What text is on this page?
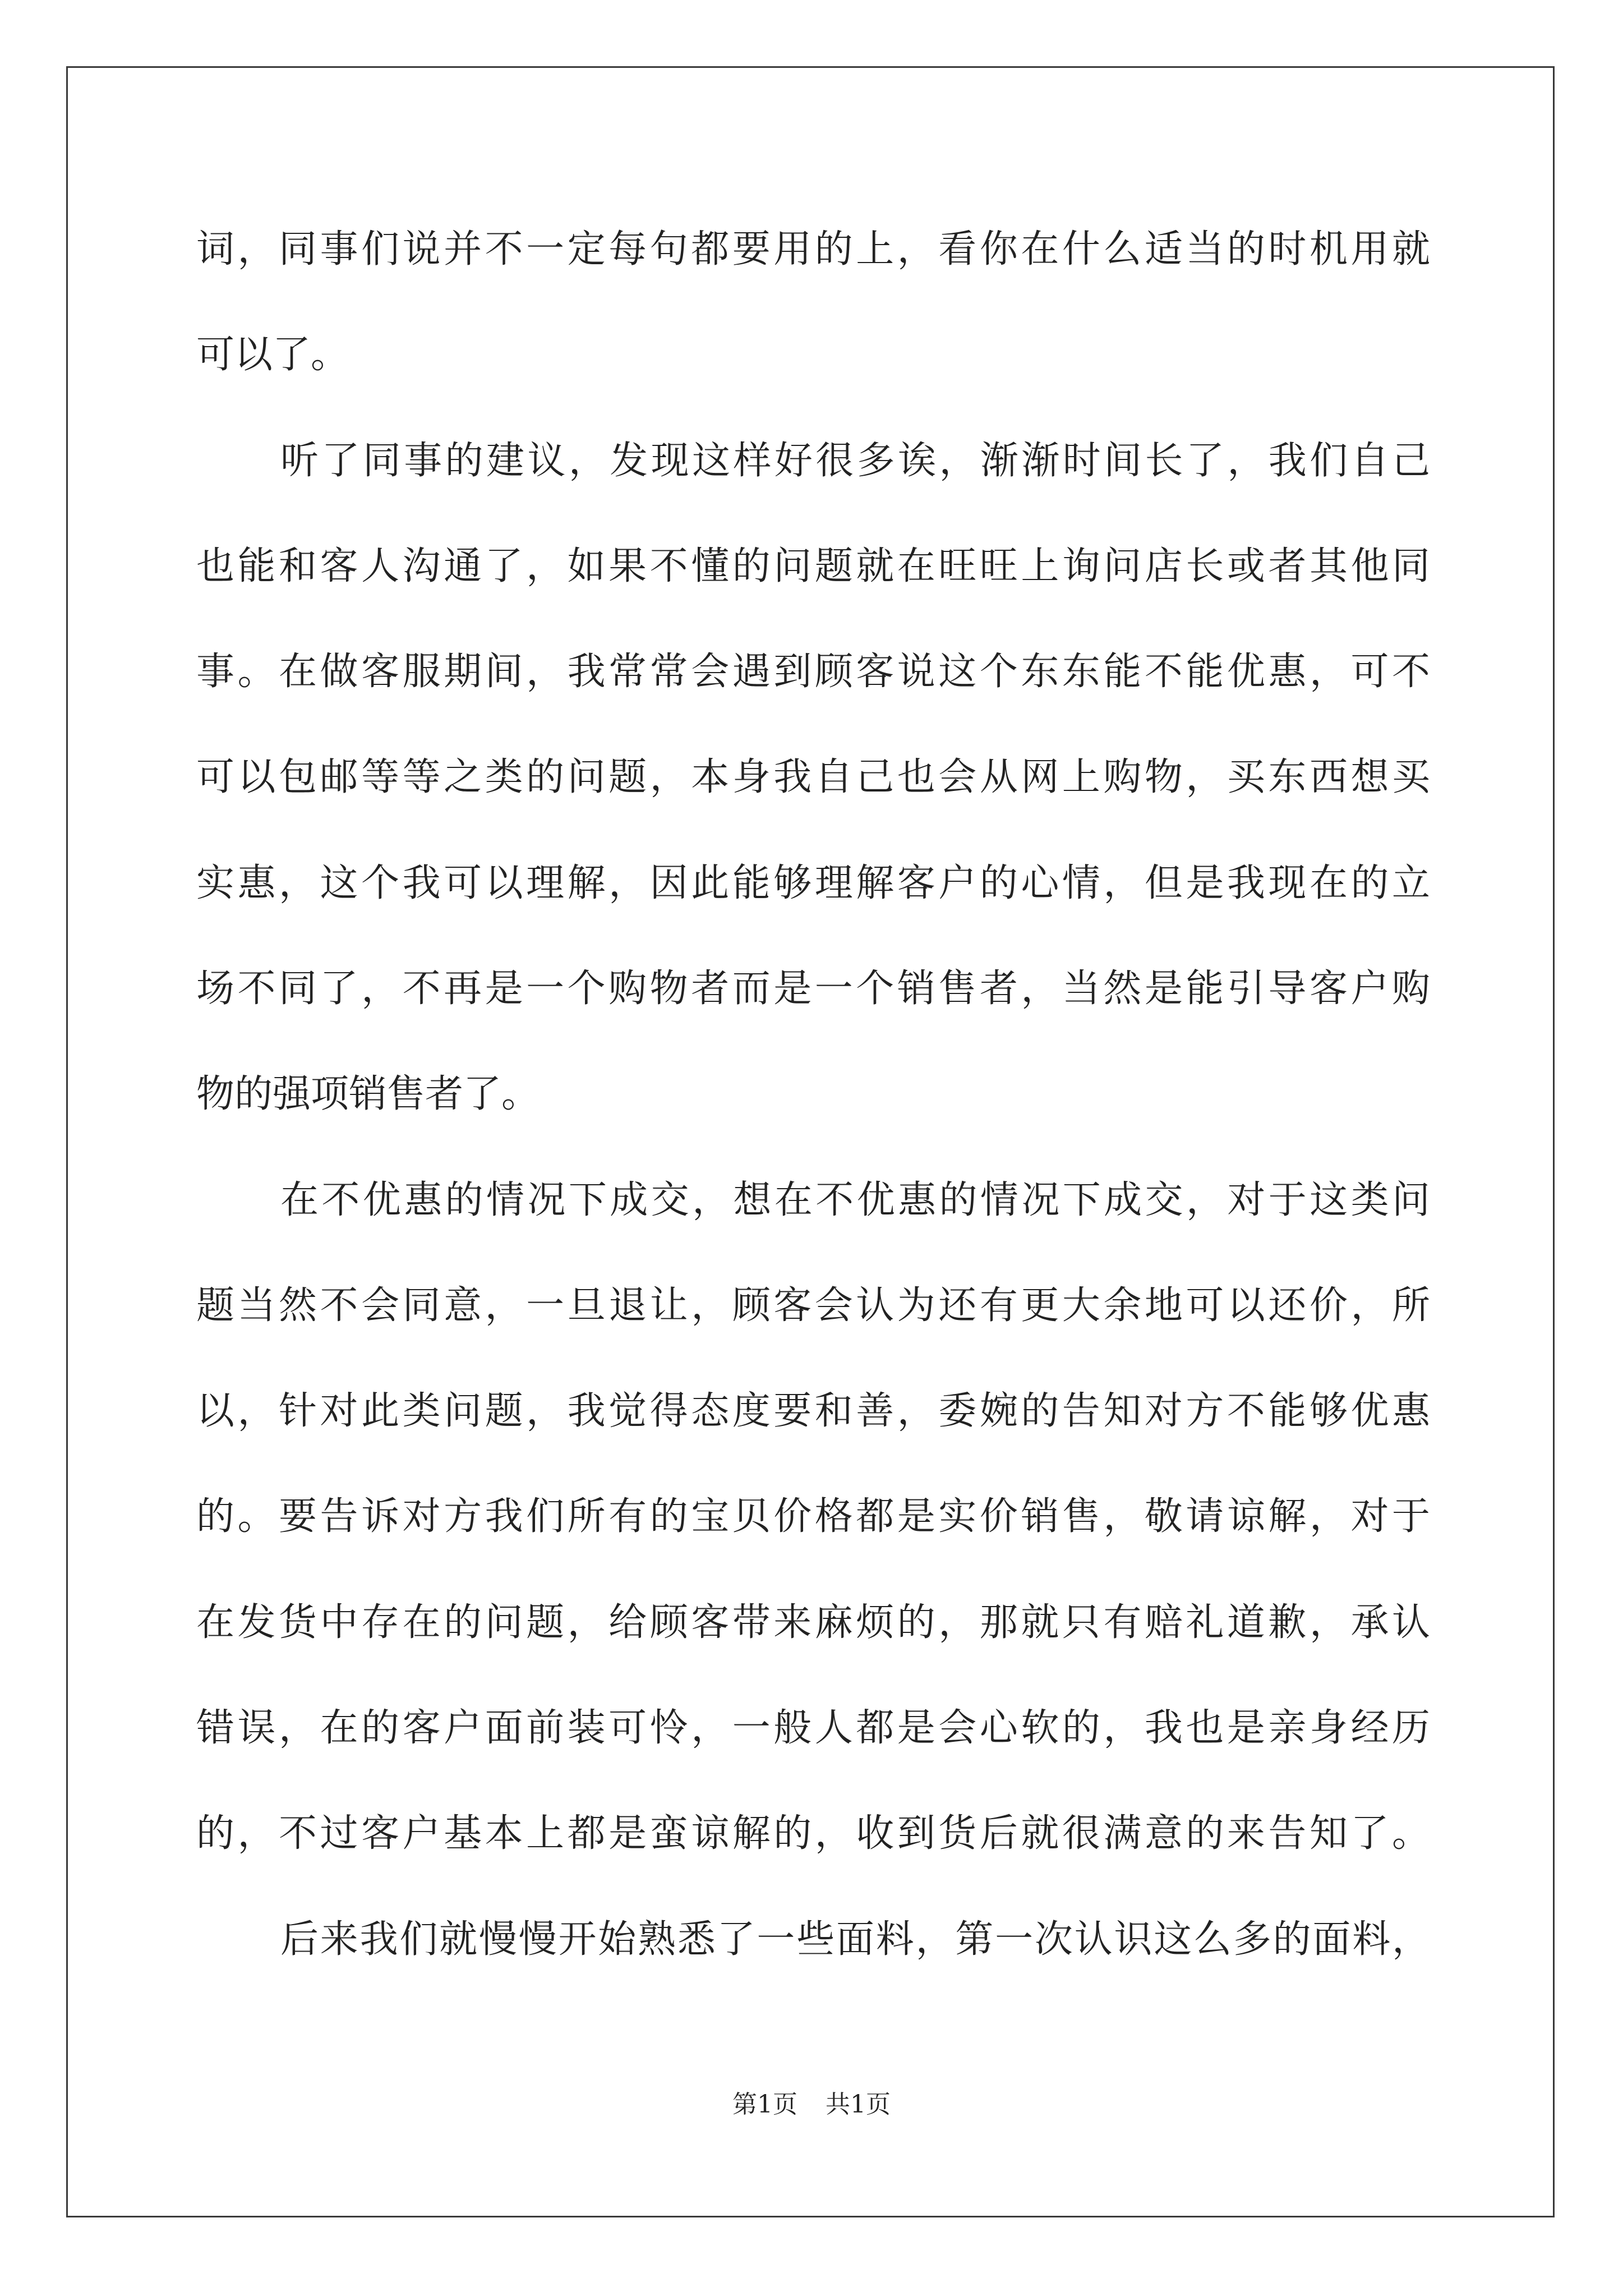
词，同事们说并不一定每句都要用的上，看你在什么适当的时机用就
可以了。
听了同事的建议，发现这样好很多诶，渐渐时间长了，我们自己
也能和客人沟通了，如果不懂的问题就在旺旺上询问店长或者其他同
事。在做客服期间，我常常会遇到顾客说这个东东能不能优惠，可不
可以包邮等等之类的问题，本身我自己也会从网上购物，买东西想买
实惠，这个我可以理解，因此能够理解客户的心情，但是我现在的立
场不同了，不再是一个购物者而是一个销售者，当然是能引导客户购
物的强项销售者了。
在不优惠的情况下成交，想在不优惠的情况下成交，对于这类问
题当然不会同意，一旦退让，顾客会认为还有更大余地可以还价，所
以，针对此类问题，我觉得态度要和善，委婉的告知对方不能够优惠
的。要告诉对方我们所有的宝贝价格都是实价销售，敬请谅解，对于
在发货中存在的问题，给顾客带来麻烦的，那就只有赔礼道歉，承认
错误，在的客户面前装可怜，一般人都是会心软的，我也是亲身经历
的，不过客户基本上都是蛮谅解的，收到货后就很满意的来告知了。
后来我们就慢慢开始熟悉了一些面料，第一次认识这么多的面料，
第1页 共1页
